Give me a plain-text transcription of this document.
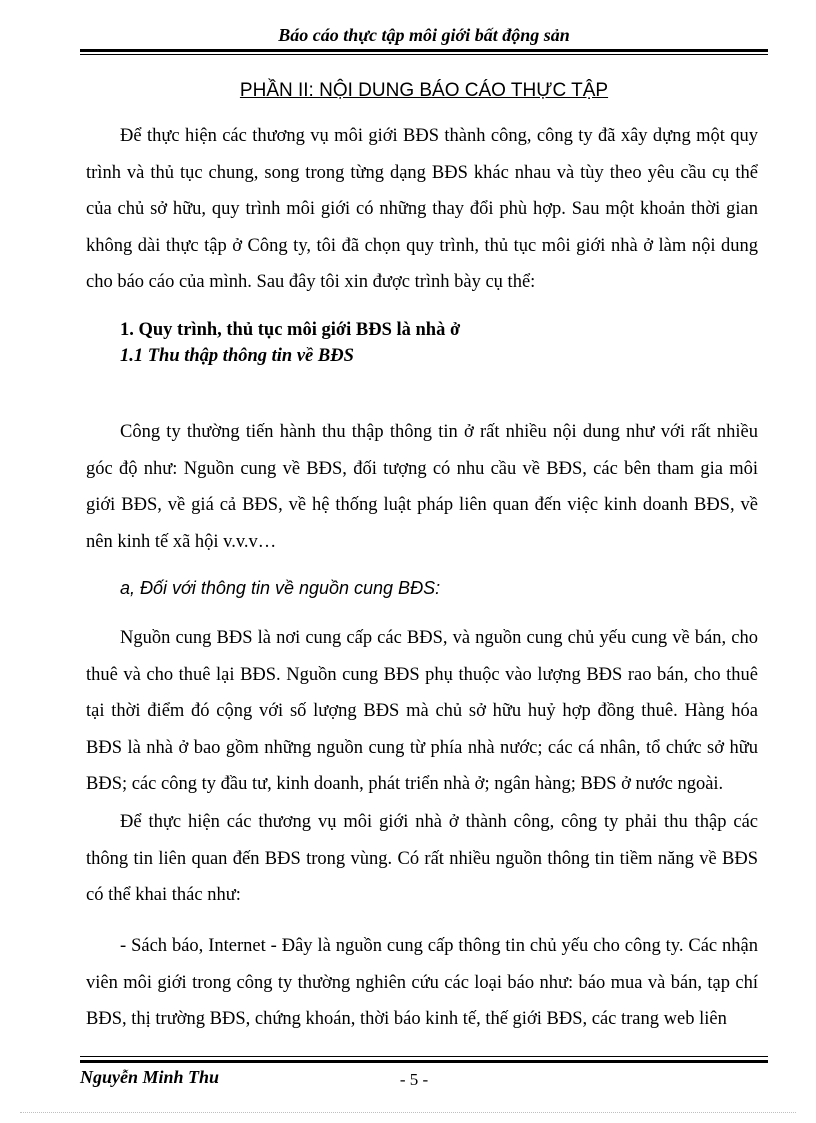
Báo cáo thực tập môi giới bất động sản
PHẦN II: NỘI DUNG BÁO CÁO THỰC TẬP
Để thực hiện các thương vụ môi giới BĐS thành công, công ty đã xây dựng một quy trình và thủ tục chung, song trong từng dạng BĐS khác nhau và tùy theo yêu cầu cụ thể của chủ sở hữu, quy trình môi giới có những thay đổi phù hợp. Sau một khoản thời gian không dài thực tập ở Công ty, tôi đã chọn quy trình, thủ tục môi giới nhà ở làm nội dung cho báo cáo của mình. Sau đây tôi xin được trình bày cụ thể:
1. Quy trình, thủ tục môi giới BĐS là nhà ở
1.1 Thu thập thông tin về BĐS
Công ty thường tiến hành thu thập thông tin ở rất nhiều nội dung như với rất nhiều góc độ như: Nguồn cung về BĐS, đối tượng có nhu cầu về BĐS, các bên tham gia môi giới BĐS, về giá cả BĐS, về hệ thống luật pháp liên quan đến việc kinh doanh BĐS, về nên kinh tế xã hội v.v.v…
a, Đối với thông tin về nguồn cung BĐS:
Nguồn cung BĐS là nơi cung cấp các BĐS, và nguồn cung chủ yếu cung về bán, cho thuê và cho thuê lại BĐS. Nguồn cung BĐS phụ thuộc vào lượng BĐS rao bán, cho thuê tại thời điểm đó cộng với số lượng BĐS mà chủ sở hữu huỷ hợp đồng thuê. Hàng hóa BĐS là nhà ở bao gồm những nguồn cung từ phía nhà nước; các cá nhân, tổ chức sở hữu BĐS; các công ty đầu tư, kinh doanh, phát triển nhà ở; ngân hàng; BĐS ở nước ngoài.
Để thực hiện các thương vụ môi giới nhà ở thành công, công ty phải thu thập các thông tin liên quan đến BĐS trong vùng. Có rất nhiều nguồn thông tin tiềm năng về BĐS có thể khai thác như:
- Sách báo, Internet - Đây là nguồn cung cấp thông tin chủ yếu cho công ty. Các nhận viên môi giới trong công ty thường nghiên cứu các loại báo như: báo mua và bán, tạp chí BĐS, thị trường BĐS, chứng khoán, thời báo kinh tế, thế giới BĐS, các trang web liên
Nguyễn Minh Thu	- 5 -
